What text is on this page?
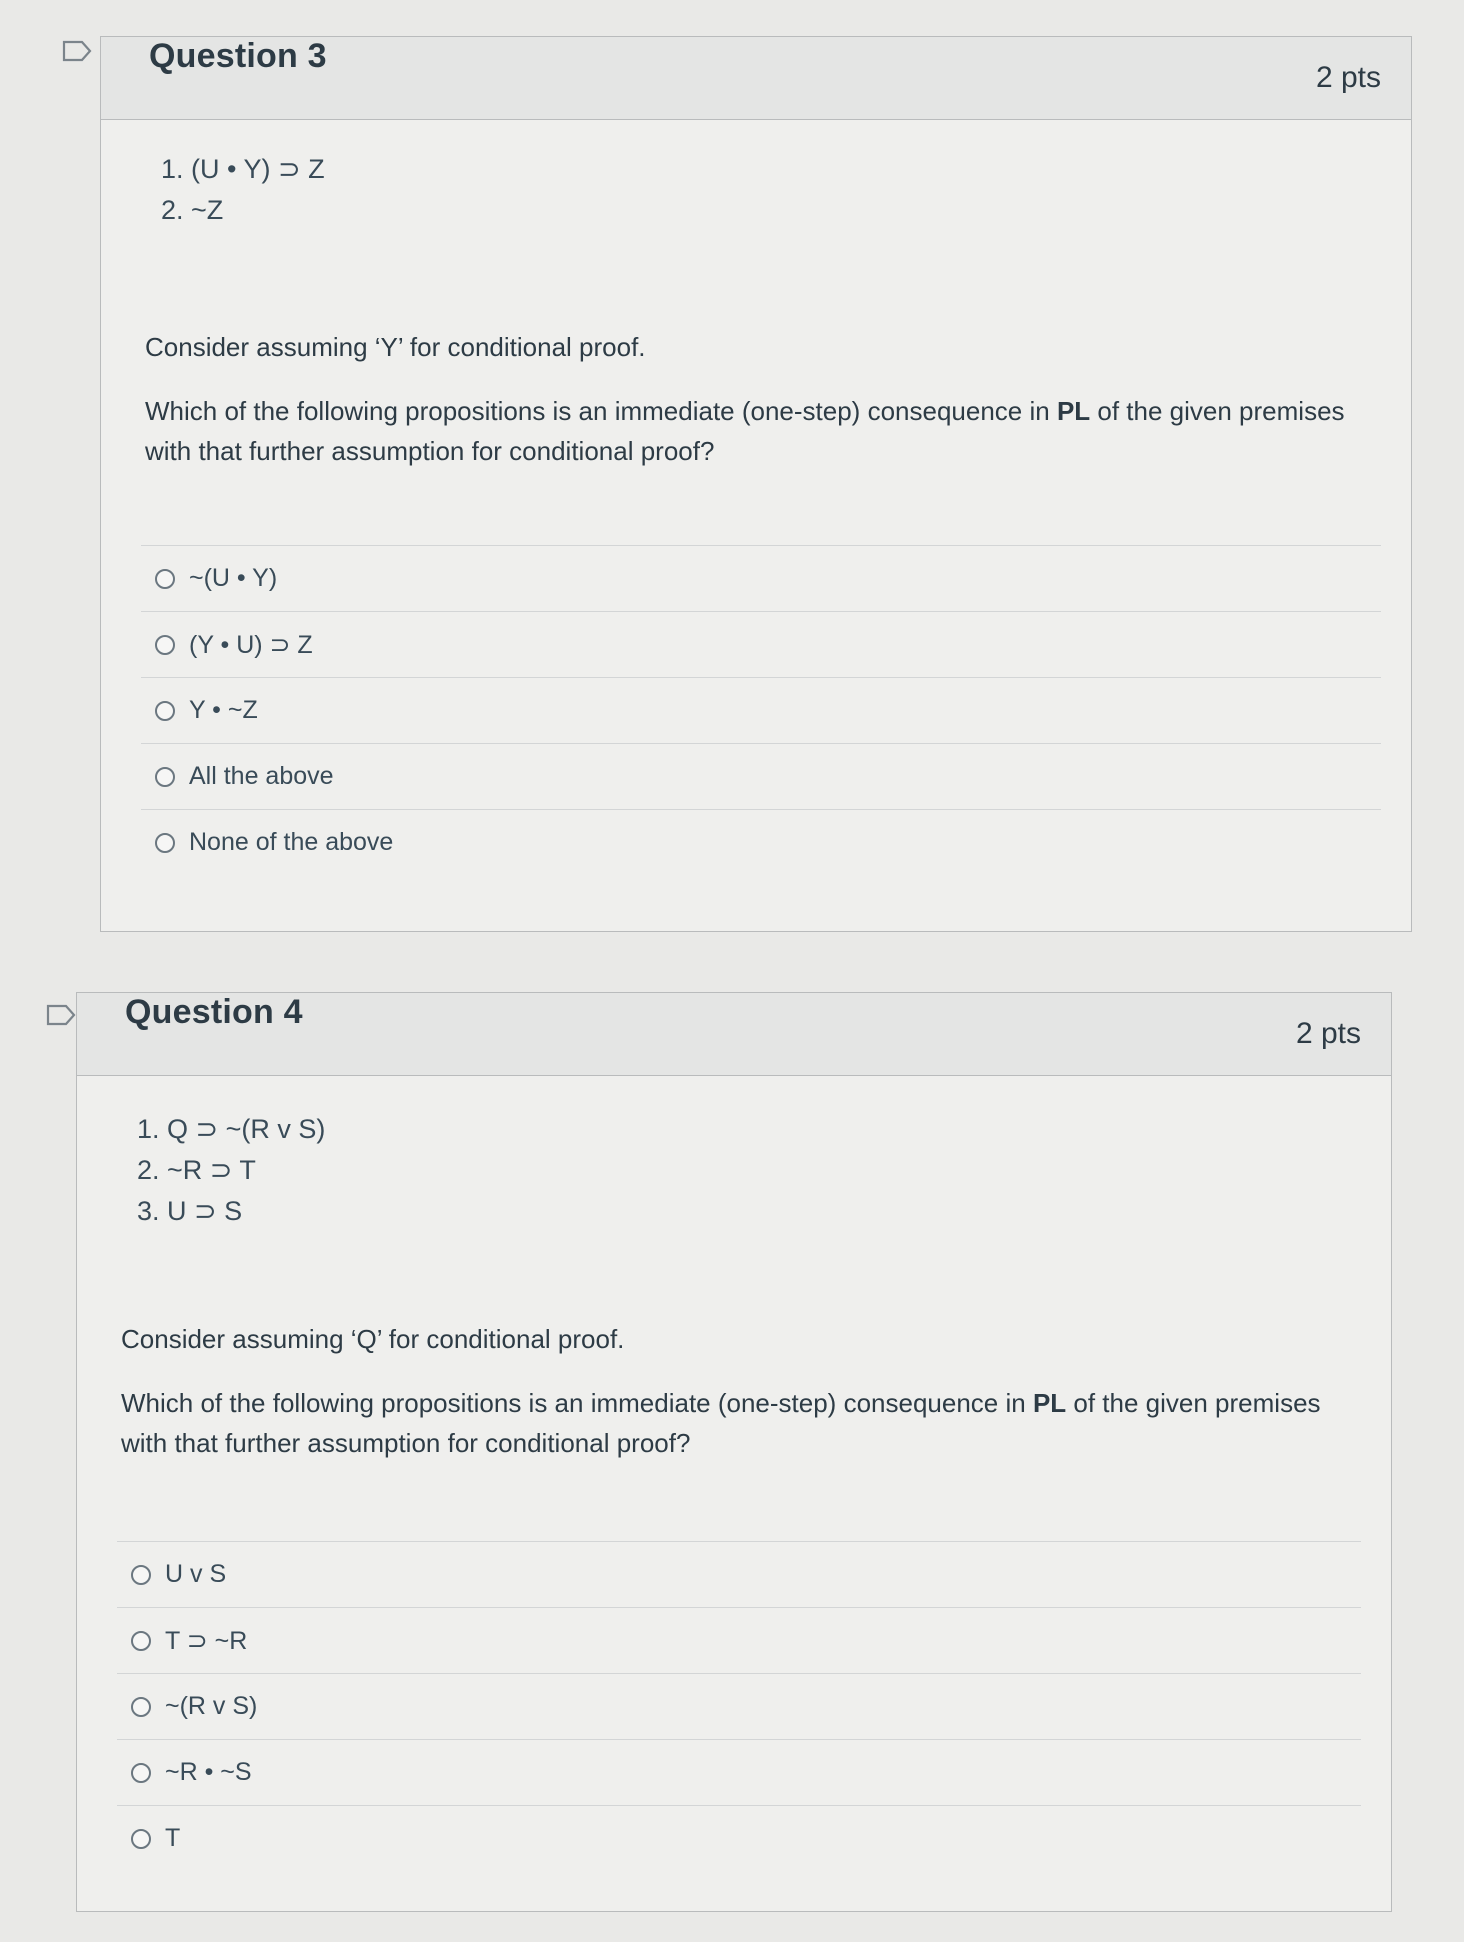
Question 3
2 pts
1. (U • Y) ⊃ Z
2. ~Z
Consider assuming ‘Y’ for conditional proof.
Which of the following propositions is an immediate (one-step) consequence in PL of the given premises with that further assumption for conditional proof?
~(U • Y)
(Y • U) ⊃ Z
Y • ~Z
All the above
None of the above
Question 4
2 pts
1. Q ⊃ ~(R v S)
2. ~R ⊃ T
3. U ⊃ S
Consider assuming ‘Q’ for conditional proof.
Which of the following propositions is an immediate (one-step) consequence in PL of the given premises with that further assumption for conditional proof?
U v S
T ⊃ ~R
~(R v S)
~R • ~S
T
